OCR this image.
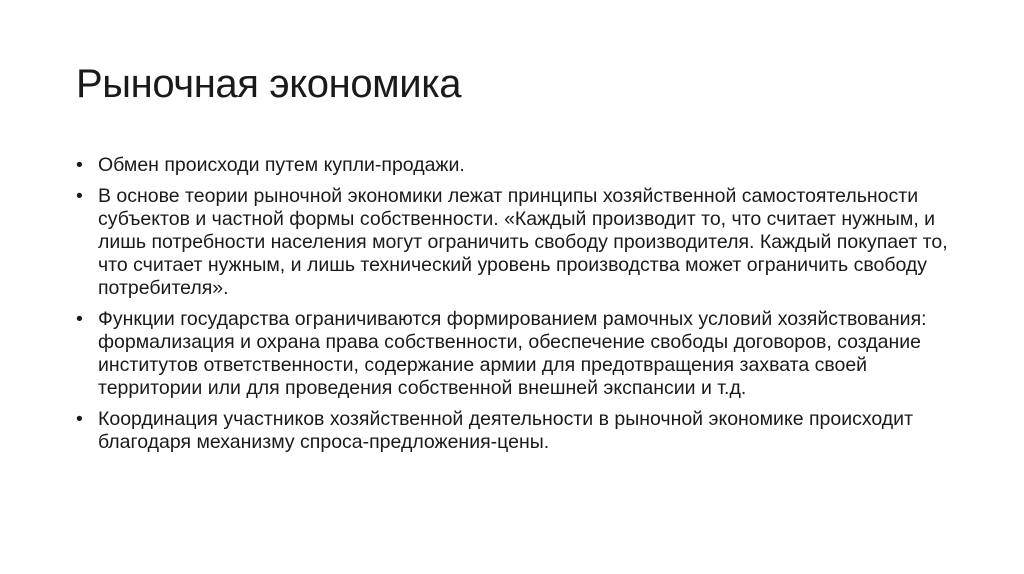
Рыночная экономика
• Обмен происходи путем купли-продажи.
• В основе теории рыночной экономики лежат принципы хозяйственной самостоятельности субъектов и частной формы собственности. «Каждый производит то, что считает нужным, и лишь потребности населения могут ограничить свободу производителя. Каждый покупает то, что считает нужным, и лишь технический уровень производства может ограничить свободу потребителя».
• Функции государства ограничиваются формированием рамочных условий хозяйствования: формализация и охрана права собственности, обеспечение свободы договоров, создание институтов ответственности, содержание армии для предотвращения захвата своей территории или для проведения собственной внешней экспансии и т.д.
• Координация участников хозяйственной деятельности в рыночной экономике происходит благодаря механизму спроса-предложения-цены.
